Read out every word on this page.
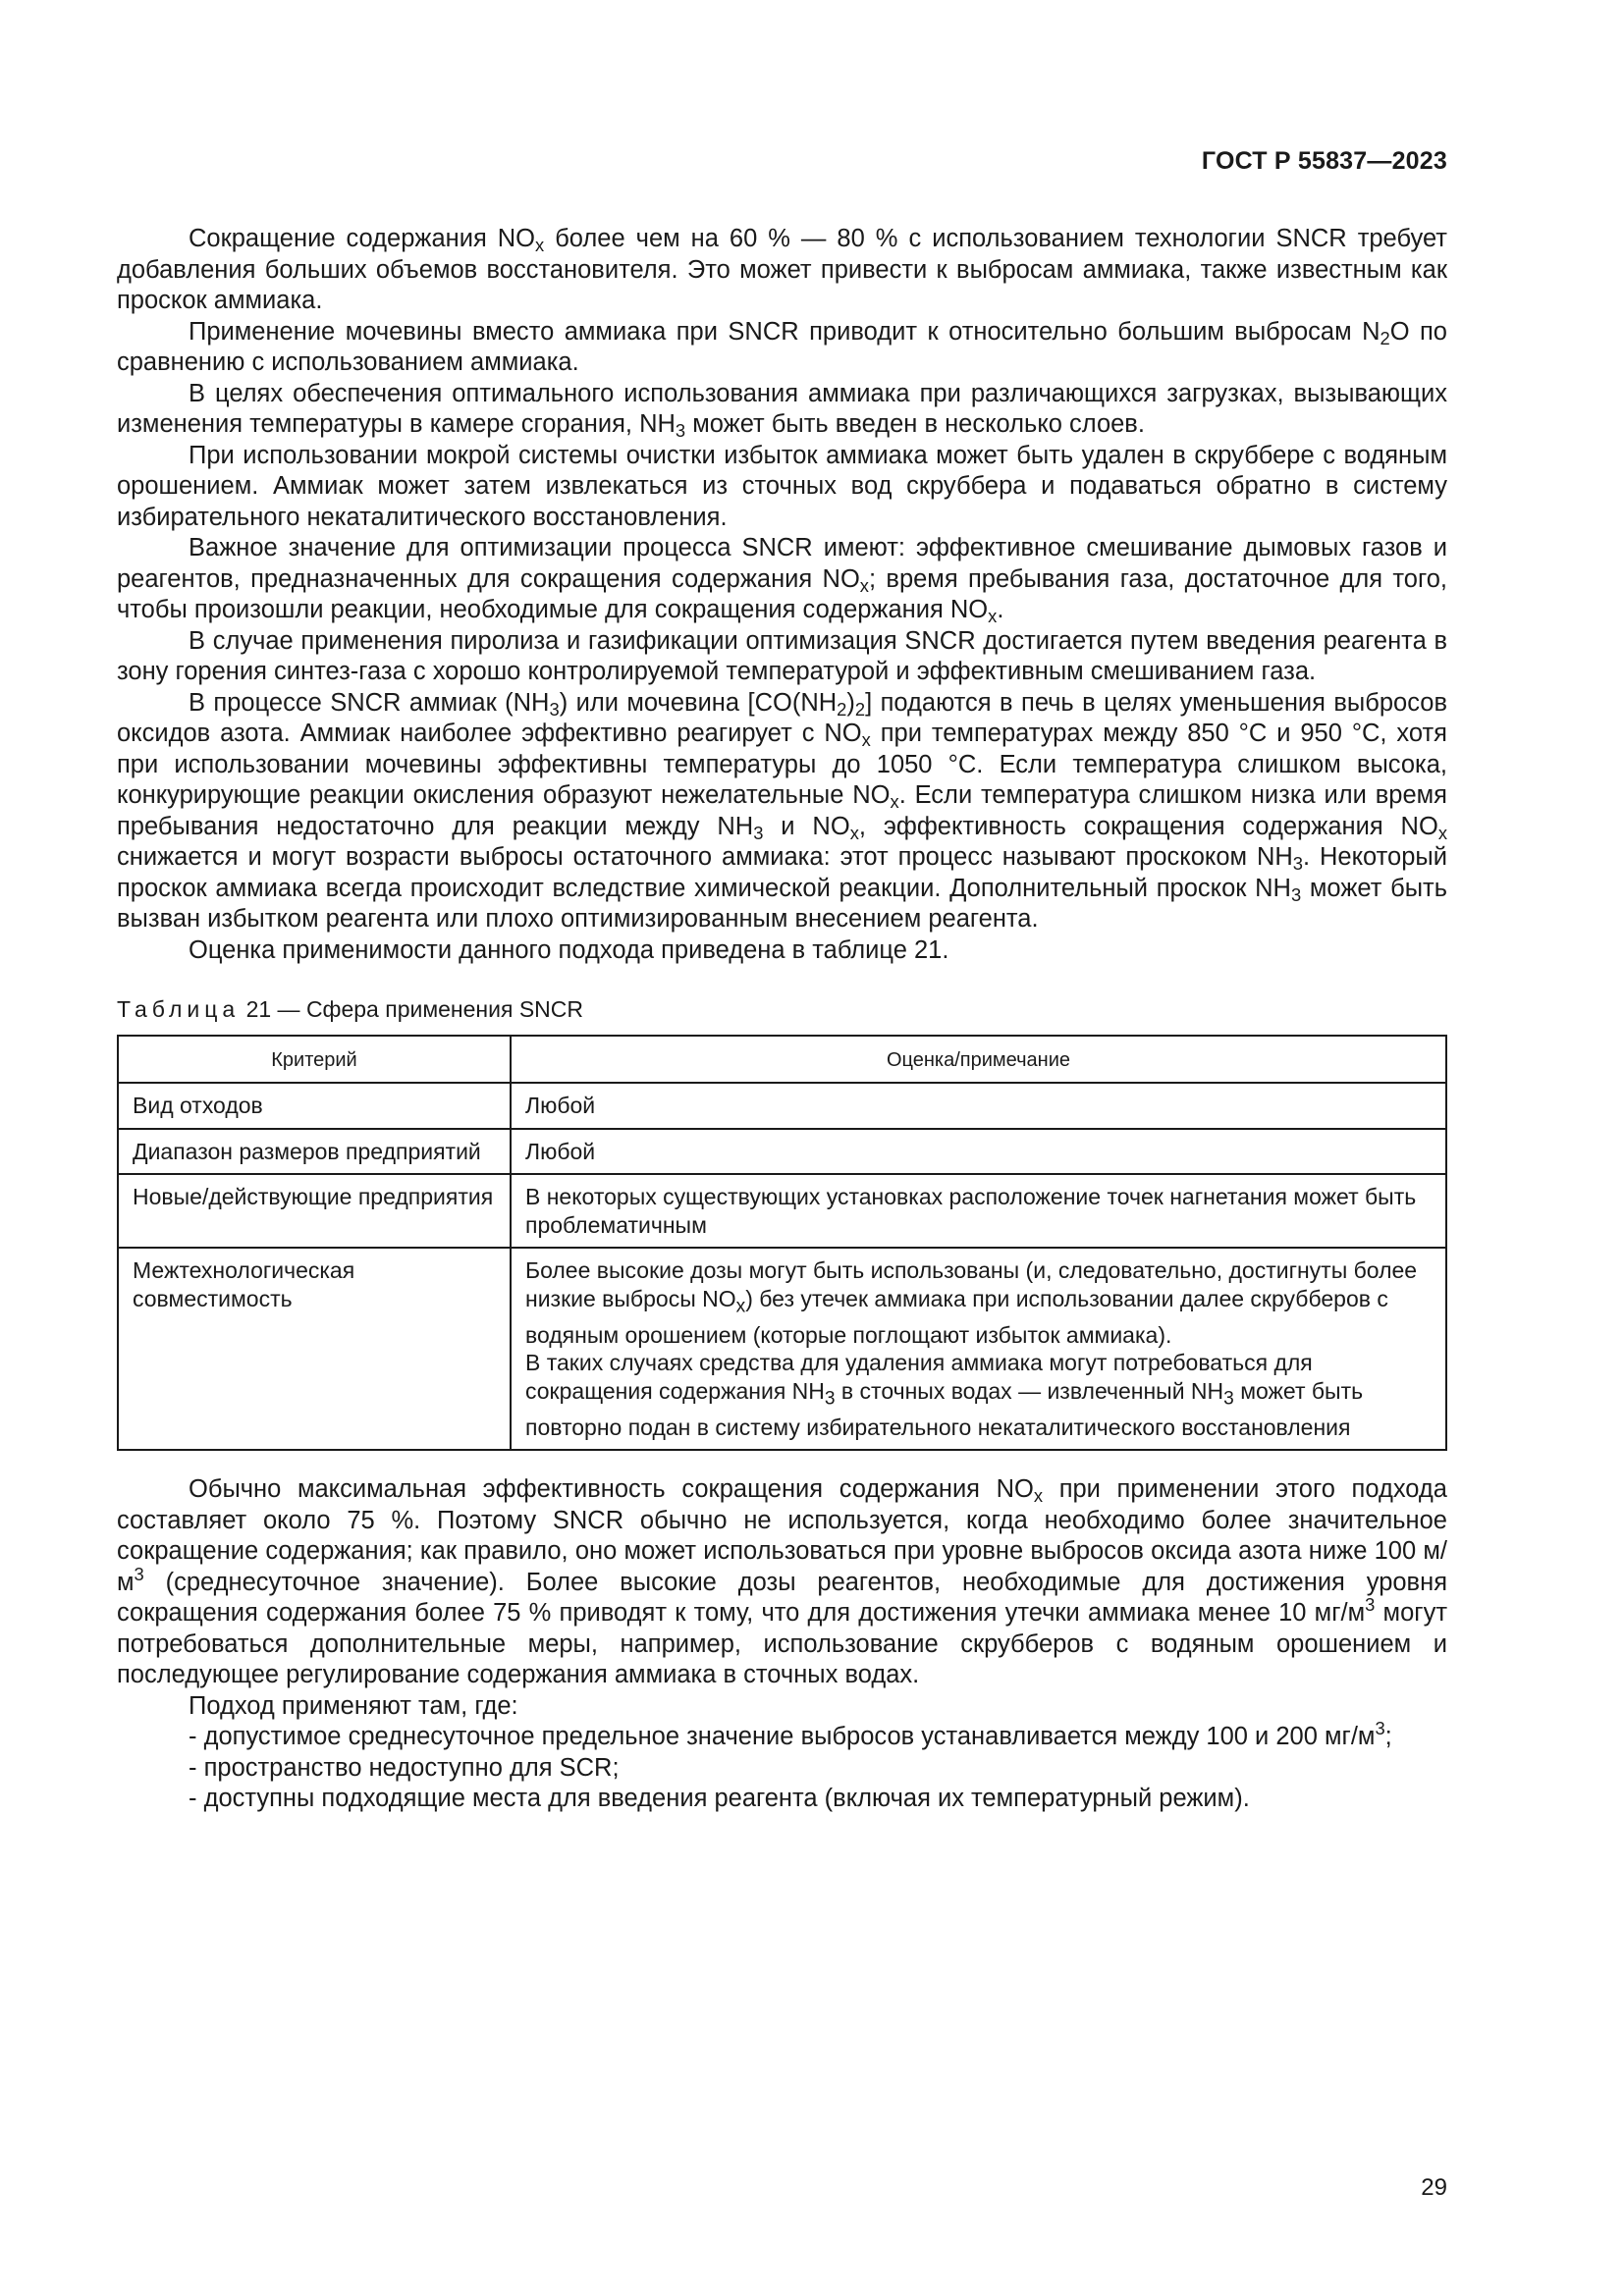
ГОСТ Р 55837—2023

Сокращение содержания $NO_x$ более чем на 60 % — 80 % с использованием технологии SNCR требует добавления больших объемов восстановителя. Это может привести к выбросам аммиака, также известным как проскок аммиака.

Применение мочевины вместо аммиака при SNCR приводит к относительно большим выбросам $N_2O$ по сравнению с использованием аммиака.

В целях обеспечения оптимального использования аммиака при различающихся загрузках, вызывающих изменения температуры в камере сгорания, $NH_3$ может быть введен в несколько слоев.

При использовании мокрой системы очистки избыток аммиака может быть удален в скруббере с водяным орошением. Аммиак может затем извлекаться из сточных вод скруббера и подаваться обратно в систему избирательного некаталитического восстановления.

Важное значение для оптимизации процесса SNCR имеют: эффективное смешивание дымовых газов и реагентов, предназначенных для сокращения содержания $NO_x$; время пребывания газа, достаточное для того, чтобы произошли реакции, необходимые для сокращения содержания $NO_x$.

В случае применения пиролиза и газификации оптимизация SNCR достигается путем введения реагента в зону горения синтез-газа с хорошо контролируемой температурой и эффективным смешиванием газа.

В процессе SNCR аммиак $(NH_3)$ или мочевина $[CO(NH_2)_2]$ подаются в печь в целях уменьшения выбросов оксидов азота. Аммиак наиболее эффективно реагирует с $NO_x$ при температурах между 850 °С и 950 °С, хотя при использовании мочевины эффективны температуры до 1050 °С. Если температура слишком высока, конкурирующие реакции окисления образуют нежелательные $NO_x$. Если температура слишком низка или время пребывания недостаточно для реакции между $NH_3$ и $NO_x$, эффективность сокращения содержания $NO_x$ снижается и могут возрасти выбросы остаточного аммиака: этот процесс называют проскоком $NH_3$. Некоторый проскок аммиака всегда происходит вследствие химической реакции. Дополнительный проскок $NH_3$ может быть вызван избытком реагента или плохо оптимизированным внесением реагента.

Оценка применимости данного подхода приведена в таблице 21.

Таблица 21 — Сфера применения SNCR
Критерий	Оценка/примечание
Вид отходов	Любой

Диапазон размеров предприятий	Любой

Новые/действующие предприятия	В некоторых существующих установках расположение точек нагнетания может быть проблематичным

Межтехнологическая совместимость	Более высокие дозы могут быть использованы (и, следовательно, достигнуты более низкие выбросы $NO_x$) без утечек аммиака при использовании далее скрубберов с водяным орошением (которые поглощают избыток аммиака).
В таких случаях средства для удаления аммиака могут потребоваться для сокращения содержания $NH_3$ в сточных водах — извлеченный $NH_3$ может быть повторно подан в систему избирательного некаталитического восстановления

Обычно максимальная эффективность сокращения содержания $NO_x$ при применении этого подхода составляет около 75 %. Поэтому SNCR обычно не используется, когда необходимо более значительное сокращение содержания; как правило, оно может использоваться при уровне выбросов оксида азота ниже 100 $м/м^3$ (среднесуточное значение). Более высокие дозы реагентов, необходимые для достижения уровня сокращения содержания более 75 % приводят к тому, что для достижения утечки аммиака менее 10 $мг/м^3$ могут потребоваться дополнительные меры, например, использование скрубберов с водяным орошением и последующее регулирование содержания аммиака в сточных водах.

Подход применяют там, где:

- допустимое среднесуточное предельное значение выбросов устанавливается между 100 и 200 $мг/м^3$;

- пространство недоступно для SCR;

- доступны подходящие места для введения реагента (включая их температурный режим).

29
